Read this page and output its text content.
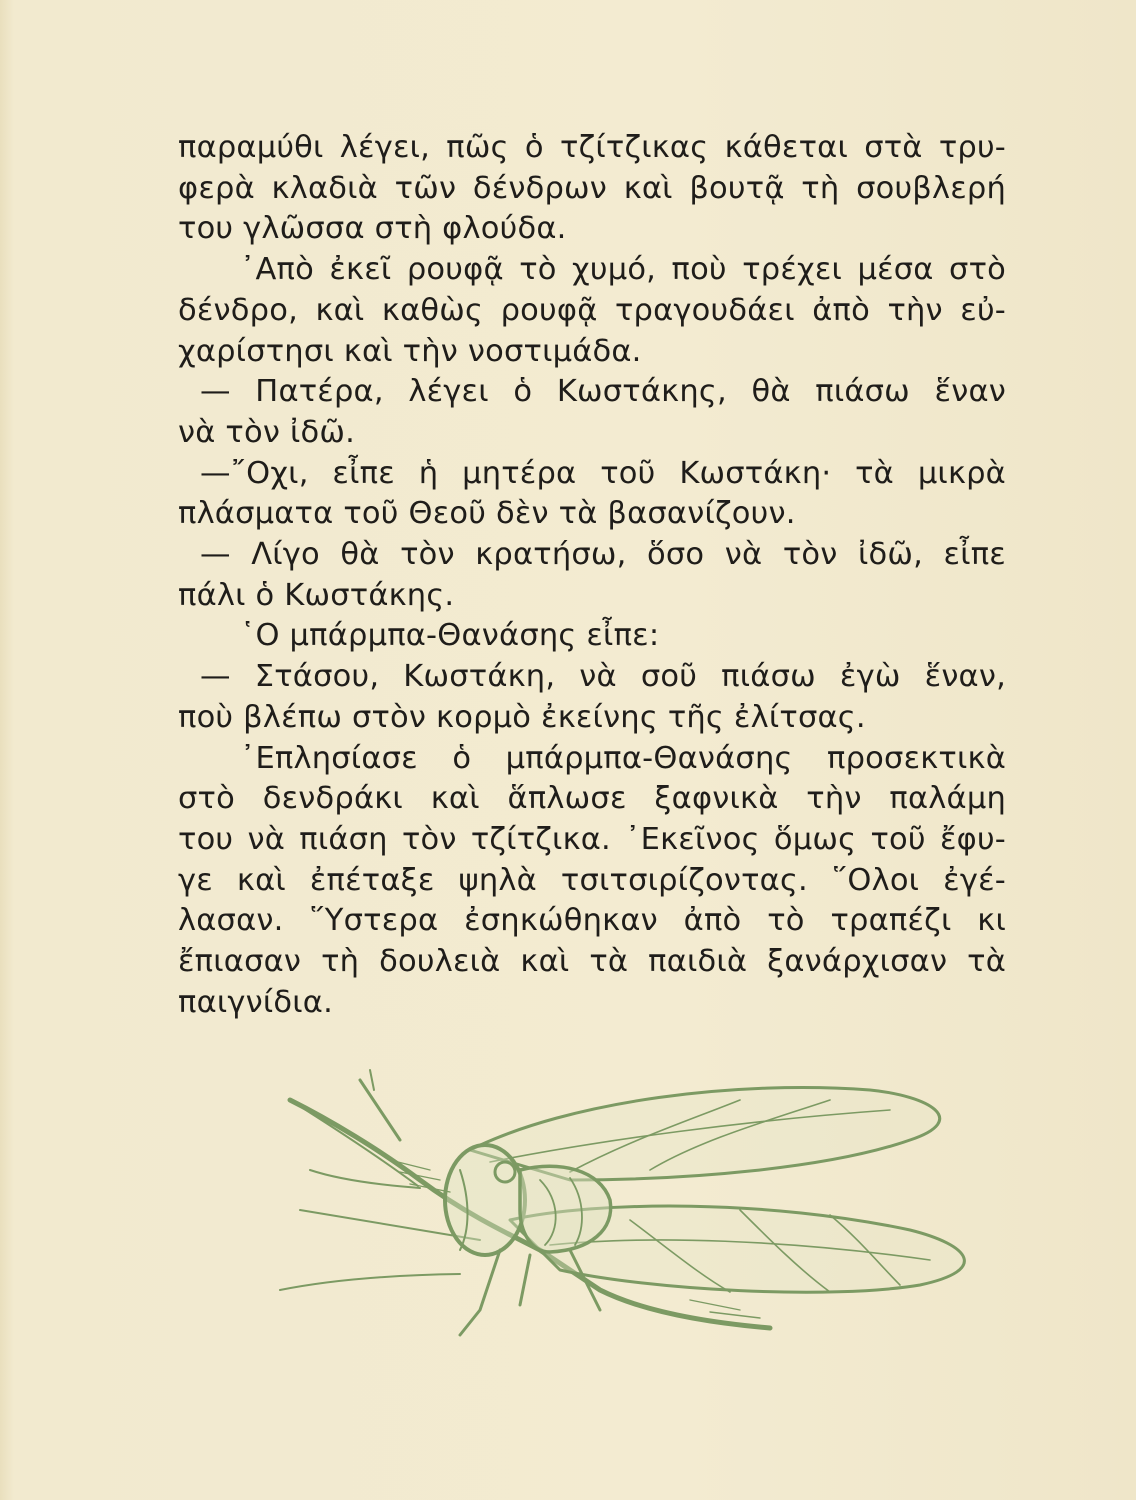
παραμύθι λέγει, πῶς ὁ τζίτζικας κάθεται στὰ τρυ-
φερὰ κλαδιὰ τῶν δένδρων καὶ βουτᾷ τὴ σουβλερή
του γλῶσσα στὴ φλούδα.
᾿Απὸ ἐκεῖ ρουφᾷ τὸ χυμό, ποὺ τρέχει μέσα στὸ
δένδρο, καὶ καθὼς ρουφᾷ τραγουδάει ἀπὸ τὴν εὐ-
χαρίστησι καὶ τὴν νοστιμάδα.
— Πατέρα, λέγει ὁ Κωστάκης, θὰ πιάσω ἕναν
νὰ τὸν ἰδῶ.
—῎Οχι, εἶπε ἡ μητέρα τοῦ Κωστάκη· τὰ μικρὰ
πλάσματα τοῦ Θεοῦ δὲν τὰ βασανίζουν.
— Λίγο θὰ τὸν κρατήσω, ὅσο νὰ τὸν ἰδῶ, εἶπε
πάλι ὁ Κωστάκης.
῾Ο μπάρμπα-Θανάσης εἶπε:
— Στάσου, Κωστάκη, νὰ σοῦ πιάσω ἐγὼ ἕναν,
ποὺ βλέπω στὸν κορμὸ ἐκείνης τῆς ἐλίτσας.
᾿Επλησίασε ὁ μπάρμπα-Θανάσης προσεκτικὰ
στὸ δενδράκι καὶ ἅπλωσε ξαφνικὰ τὴν παλάμη
του νὰ πιάση τὸν τζίτζικα. ᾿Εκεῖνος ὅμως τοῦ ἔφυ-
γε καὶ ἐπέταξε ψηλὰ τσιτσιρίζοντας. ῞Ολοι ἐγέ-
λασαν. ῞Υστερα ἐσηκώθηκαν ἀπὸ τὸ τραπέζι κι
ἔπιασαν τὴ δουλειὰ καὶ τὰ παιδιὰ ξανάρχισαν τὰ
παιγνίδια.
